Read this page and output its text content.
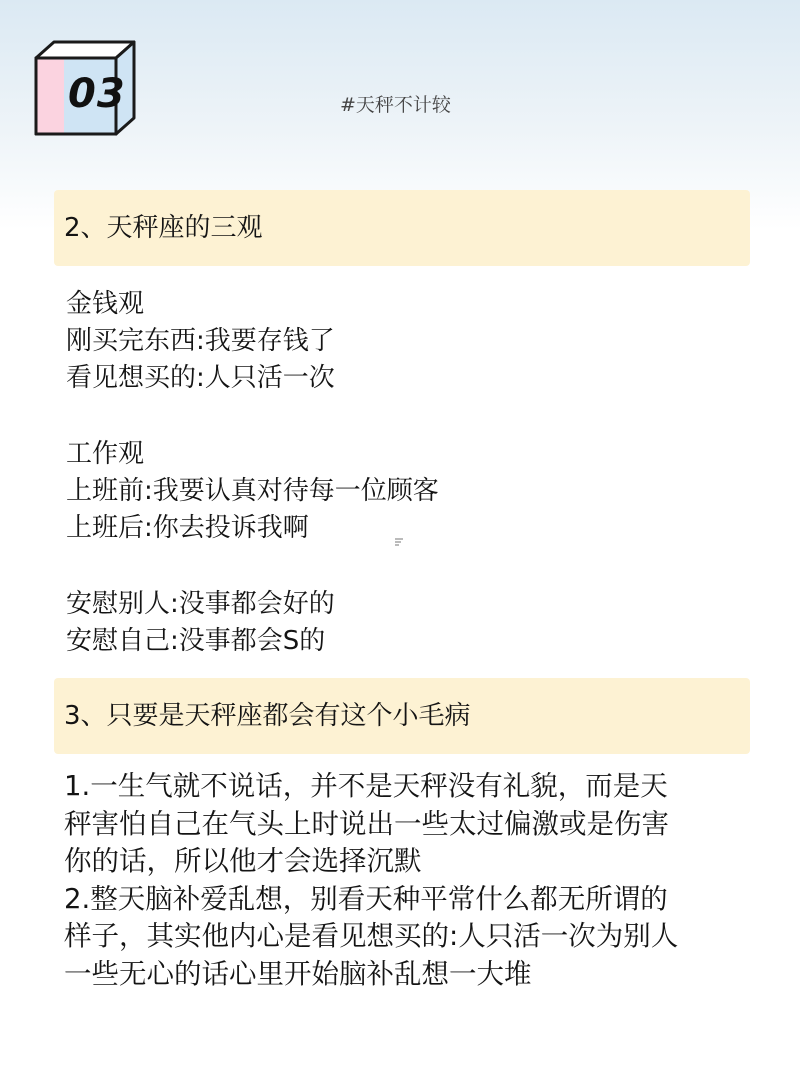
03	#天秤不计较
2、天秤座的三观
金钱观
刚买完东西:我要存钱了
看见想买的:人只活一次
工作观
上班前:我要认真对待每一位顾客
上班后:你去投诉我啊
安慰别人:没事都会好的
安慰自己:没事都会S的
3、只要是天秤座都会有这个小毛病
1.一生气就不说话，并不是天秤没有礼貌，而是天
秤害怕自己在气头上时说出一些太过偏激或是伤害
你的话，所以他才会选择沉默
2.整天脑补爱乱想，别看天种平常什么都无所谓的
样子，其实他内心是看见想买的:人只活一次为别人
一些无心的话心里开始脑补乱想一大堆
